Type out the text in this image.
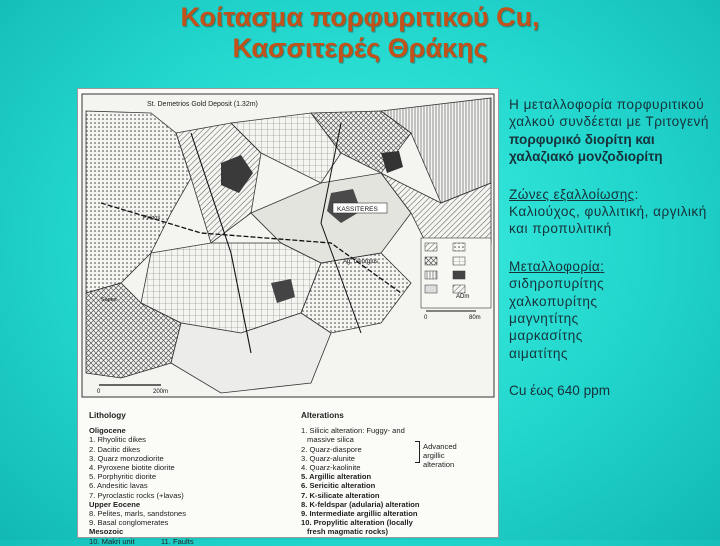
Κοίτασμα πορφυριτικού Cu,
Κασσιτερές Θράκης
St. Demetrios Gold Deposit (1.32m)
KASSITERES
Ag. Georgios
Pyrgos
Sapes
0	200m
0	80m
ADm
Lithology
Oligocene
1. Rhyolitic dikes
2. Dacitic dikes
3. Quarz monzodiorite
4. Pyroxene biotite diorite
5. Porphyritic diorite
6. Andesitic lavas
7. Pyroclastic rocks (+lavas)
Upper Eocene
8. Pelites, marls, sandstones
9. Basal conglomerates
Mesozoic
10. Makri unit	11. Faults
Alterations
1. Silicic alteration: Fuggy- and
massive silica
2. Quarz-diaspore
3. Quarz-alunite
4. Quarz-kaolinite
5. Argillic alteration
6. Sericitic alteration
7. K-silicate alteration
8. K-feldspar (adularia) alteration
9. Intermediate argillic alteration
10. Propylitic alteration (locally
fresh magmatic rocks)
Advanced
argillic
alteration

Η μεταλλοφορία πορφυριτικού χαλκού συνδέεται με Τριτογενή

πορφυρικό διορίτη και χαλαζιακό μονζοδιορίτη

Ζώνες εξαλλοίωσης:

Καλιούχος, φυλλιτική, αργιλική και προπυλιτική

Μεταλλοφορία:

σιδηροπυρίτης

χαλκοπυρίτης

μαγνητίτης

μαρκασίτης

αιματίτης

Cu έως 640 ppm
